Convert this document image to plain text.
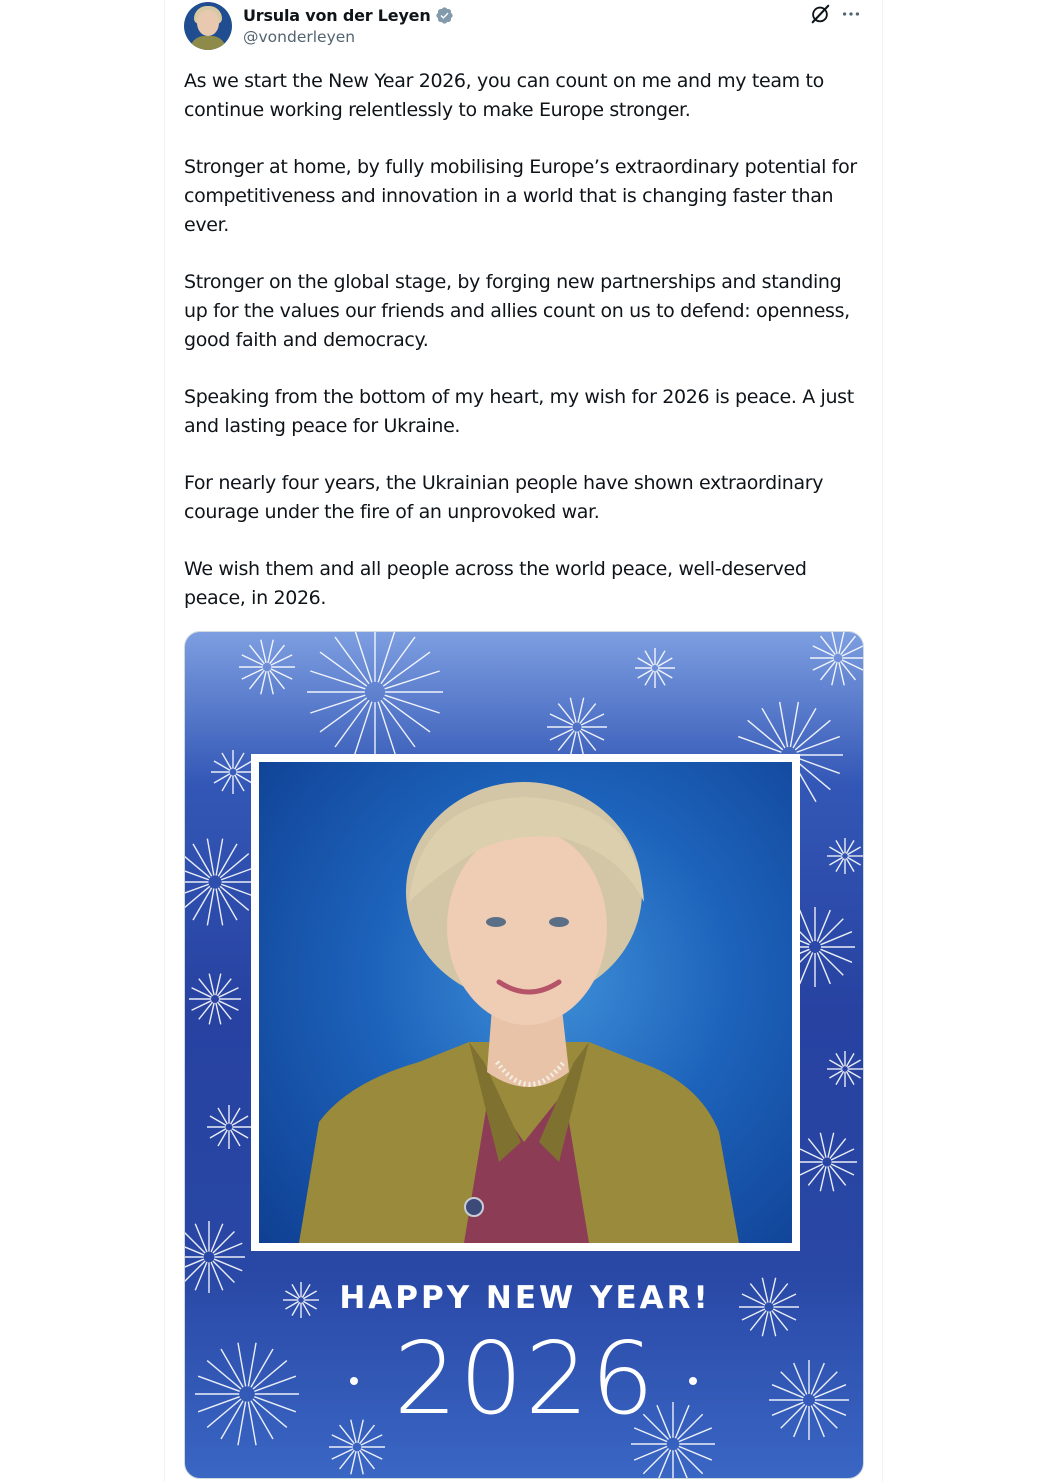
Ursula von der Leyen
@vonderleyen

As we start the New Year 2026, you can count on me and my team to continue working relentlessly to make Europe stronger.

Stronger at home, by fully mobilising Europe’s extraordinary potential for competitiveness and innovation in a world that is changing faster than ever.

Stronger on the global stage, by forging new partnerships and standing up for the values our friends and allies count on us to defend: openness, good faith and democracy.

Speaking from the bottom of my heart, my wish for 2026 is peace. A just and lasting peace for Ukraine.

For nearly four years, the Ukrainian people have shown extraordinary courage under the fire of an unprovoked war.

We wish them and all people across the world peace, well-deserved peace, in 2026.

HAPPY NEW YEAR!
2026
